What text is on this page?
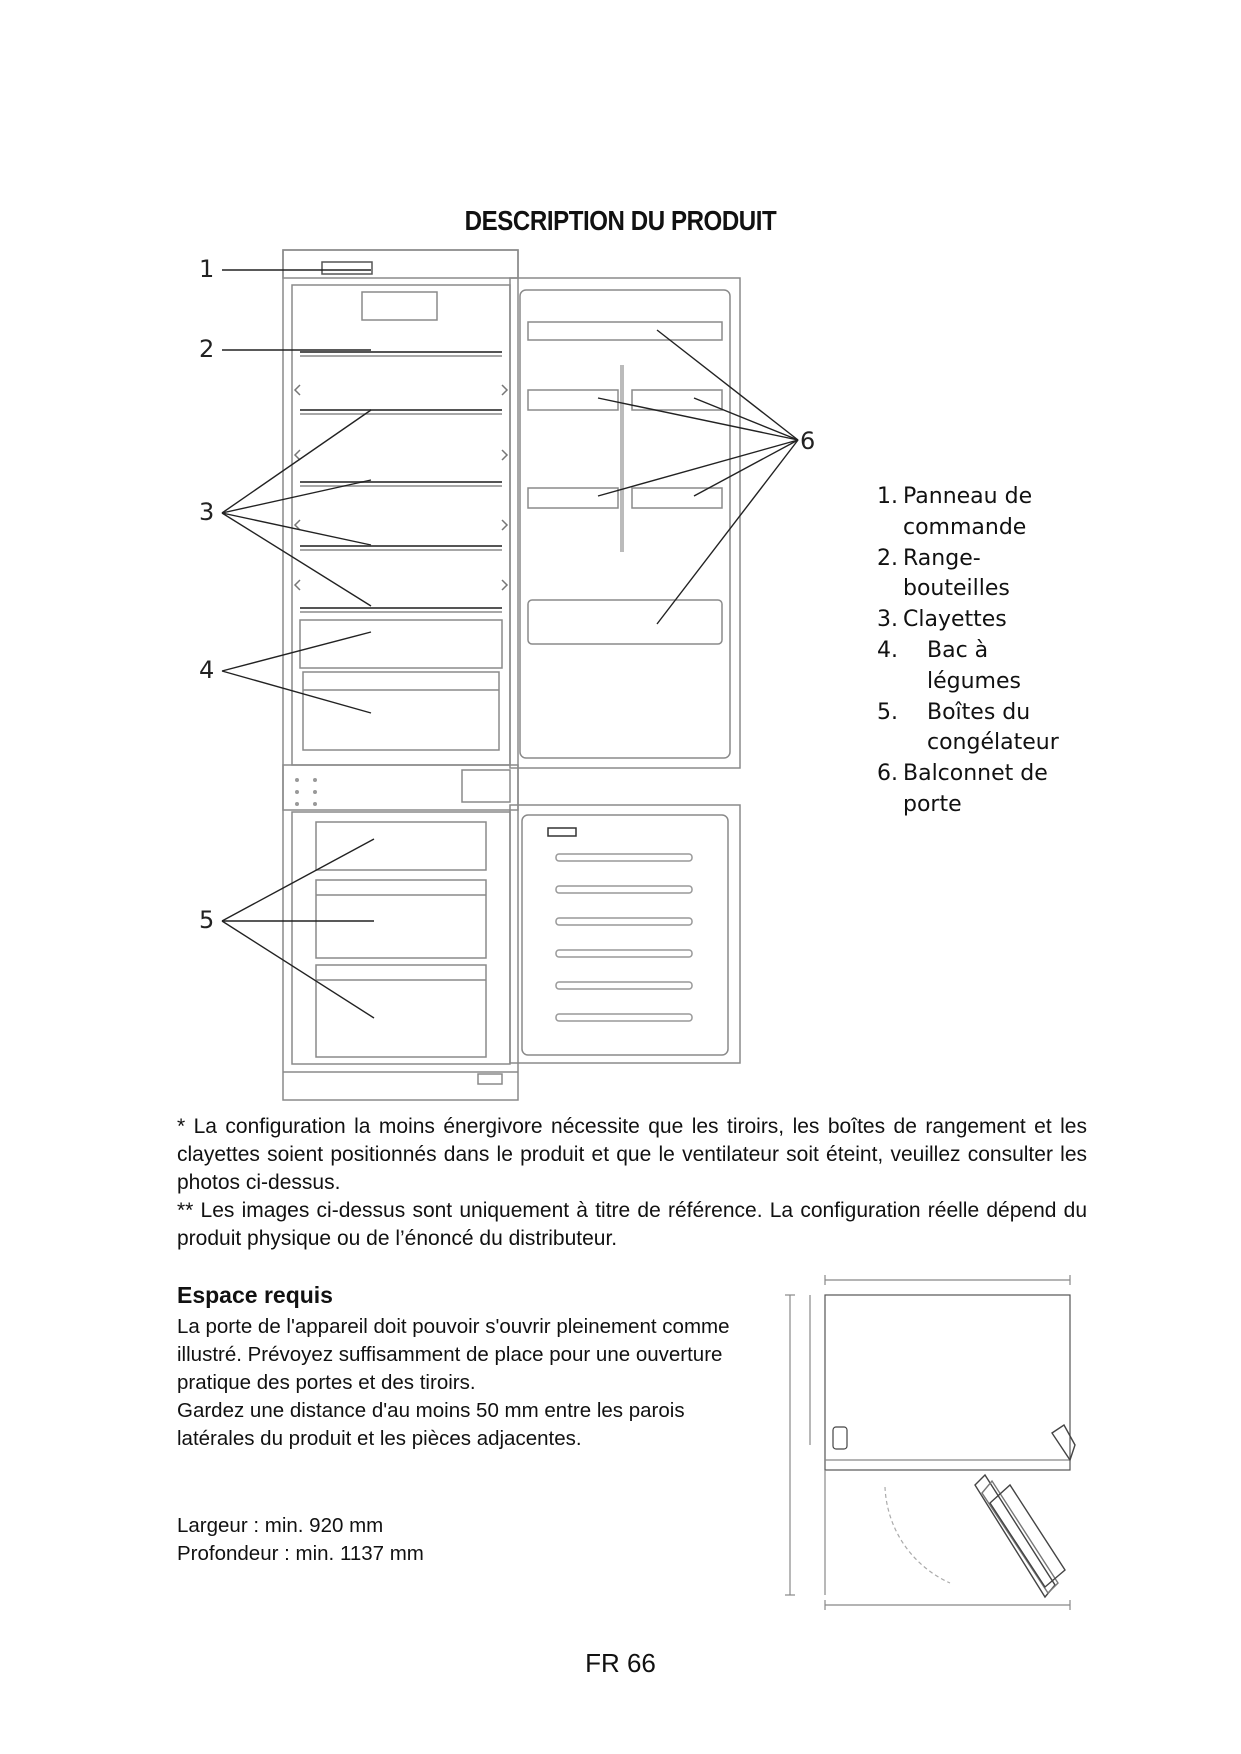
DESCRIPTION DU PRODUIT
1
2
3
4
5
6
1. Panneau de commande
2. Range-bouteilles
3. Clayettes
4.	Bac à légumes
5.	Boîtes du congélateur
6. Balconnet de porte

* La configuration la moins énergivore nécessite que les tiroirs, les boîtes de rangement et les clayettes soient positionnés dans le produit et que le ventilateur soit éteint, veuillez consulter les photos ci-dessus.

** Les images ci-dessus sont uniquement à titre de référence. La configuration réelle dépend du produit physique ou de l’énoncé du distributeur.

Espace requis

La porte de l'appareil doit pouvoir s'ouvrir pleinement comme illustré. Prévoyez suffisamment de place pour une ouverture pratique des portes et des tiroirs.

Gardez une distance d'au moins 50 mm entre les parois latérales du produit et les pièces adjacentes.

Largeur : min. 920 mm
Profondeur : min. 1137 mm
FR 66
